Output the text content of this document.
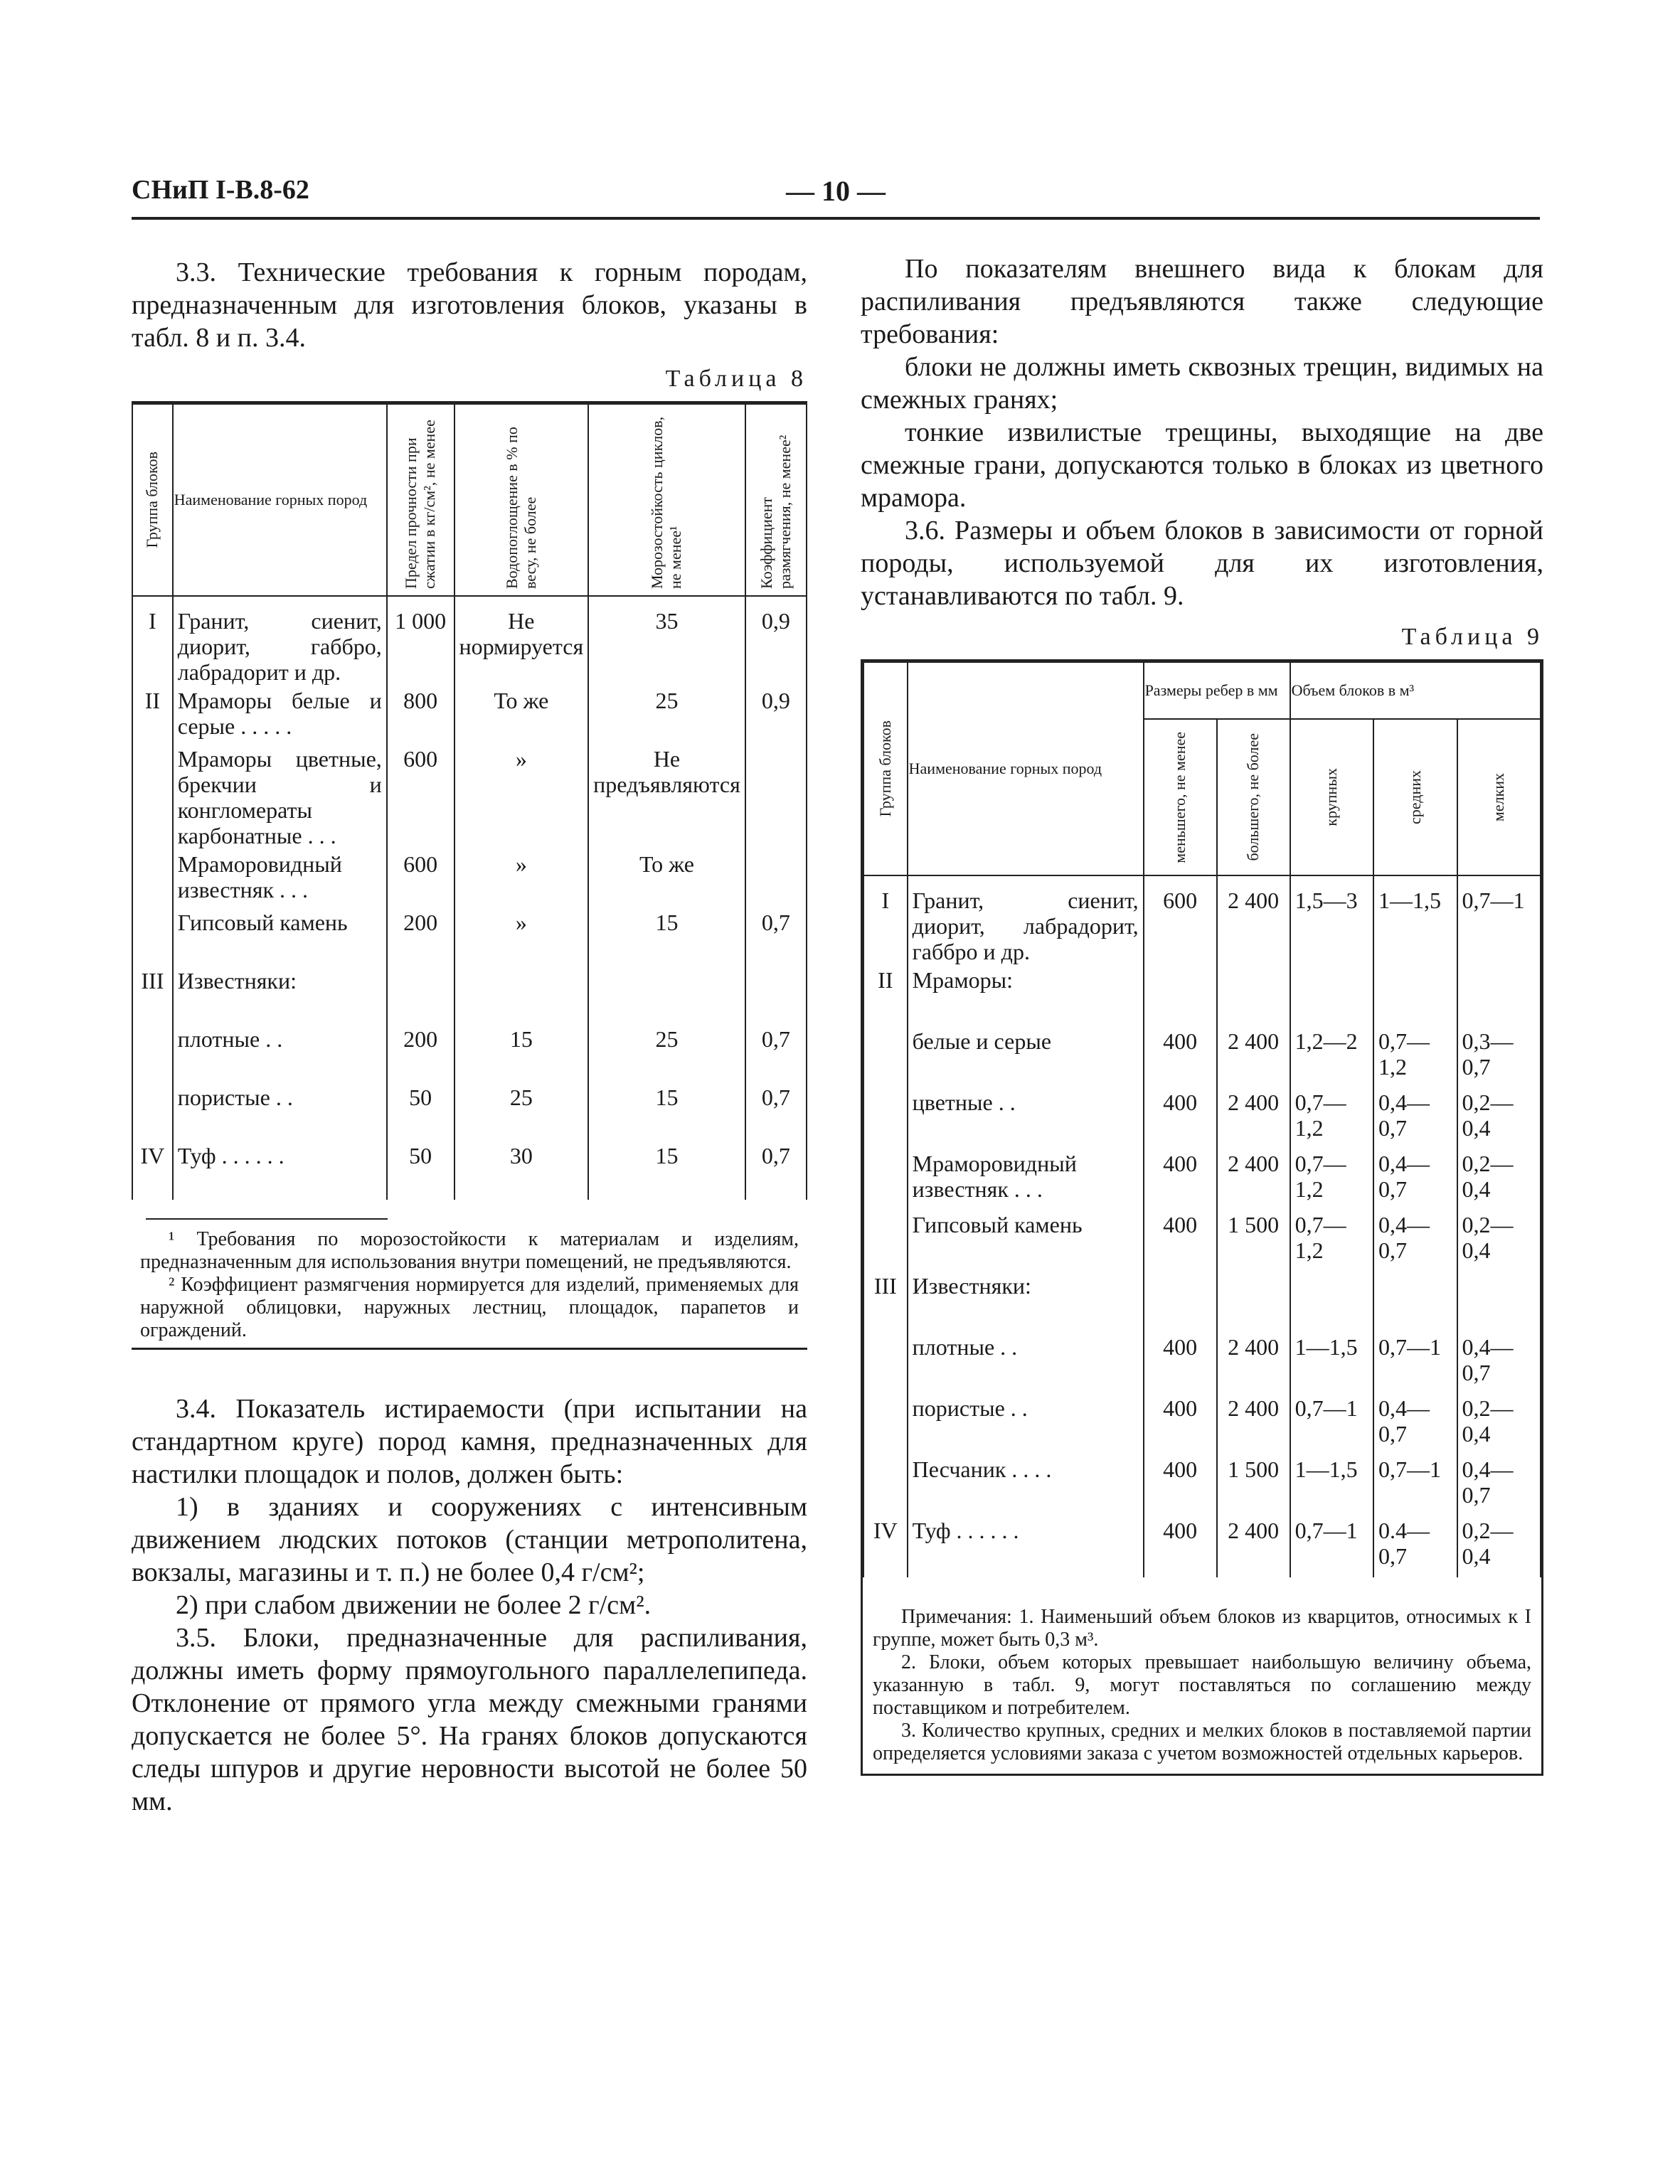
СНиП I-В.8-62	— 10 —

3.3. Технические требования к горным породам, предназначенным для изготовления блоков, указаны в табл. 8 и п. 3.4.

Таблица 8
Группа блоков	Наименование горных пород	Предел прочности при сжатии в кг/см², не менее	Водопоглощение в % по весу, не более	Морозостойкость циклов, не менее¹	Коэффициент размягчения, не менее²

I	Гранит, сиенит, диорит, габбро, лабрадорит и др.	1 000	Не нормируется	35	0,9
II	Мраморы белые и серые . . . . .	800	То же	25	0,9
	Мраморы цветные, брекчии и конгломераты карбонатные . . .	600	»	Не предъявляются	
	Мраморовидный известняк . . .	600	»	То же	
	Гипсовый камень	200	»	15	0,7
III	Известняки:				
	плотные . .	200	15	25	0,7
	пористые . .	50	25	15	0,7
IV	Туф . . . . . .	50	30	15	0,7

¹ Требования по морозостойкости к материалам и изделиям, предназначенным для использования внутри помещений, не предъявляются.

² Коэффициент размягчения нормируется для изделий, применяемых для наружной облицовки, наружных лестниц, площадок, парапетов и ограждений.

3.4. Показатель истираемости (при испытании на стандартном круге) пород камня, предназначенных для настилки площадок и полов, должен быть:

1) в зданиях и сооружениях с интенсивным движением людских потоков (станции метрополитена, вокзалы, магазины и т. п.) не более 0,4 г/см²;

2) при слабом движении не более 2 г/см².

3.5. Блоки, предназначенные для распиливания, должны иметь форму прямоугольного параллелепипеда. Отклонение от прямого угла между смежными гранями допускается не более 5°. На гранях блоков допускаются следы шпуров и другие неровности высотой не более 50 мм.

По показателям внешнего вида к блокам для распиливания предъявляются также следующие требования:

блоки не должны иметь сквозных трещин, видимых на смежных гранях;

тонкие извилистые трещины, выходящие на две смежные грани, допускаются только в блоках из цветного мрамора.

3.6. Размеры и объем блоков в зависимости от горной породы, используемой для их изготовления, устанавливаются по табл. 9.

Таблица 9
Группа блоков	Наименование горных пород	Размеры ребер в мм		Объем блоков в м³		

		меньшего, не менее	большего, не более	крупных	средних	мелких

I	Гранит, сиенит, диорит, лабрадорит, габбро и др.	600	2 400	1,5—3	1—1,5	0,7—1
II	Мраморы:					
	белые и серые	400	2 400	1,2—2	0,7—1,2	0,3—0,7
	цветные . .	400	2 400	0,7—1,2	0,4—0,7	0,2—0,4
	Мраморовидный известняк . . .	400	2 400	0,7—1,2	0,4—0,7	0,2—0,4
	Гипсовый камень	400	1 500	0,7—1,2	0,4—0,7	0,2—0,4
III	Известняки:					
	плотные . .	400	2 400	1—1,5	0,7—1	0,4—0,7
	пористые . .	400	2 400	0,7—1	0,4—0,7	0,2—0,4
	Песчаник . . . .	400	1 500	1—1,5	0,7—1	0,4—0,7
IV	Туф . . . . . .	400	2 400	0,7—1	0.4—0,7	0,2—0,4

Примечания: 1. Наименьший объем блоков из кварцитов, относимых к I группе, может быть 0,3 м³.

2. Блоки, объем которых превышает наибольшую величину объема, указанную в табл. 9, могут поставляться по соглашению между поставщиком и потребителем.

3. Количество крупных, средних и мелких блоков в поставляемой партии определяется условиями заказа с учетом возможностей отдельных карьеров.
